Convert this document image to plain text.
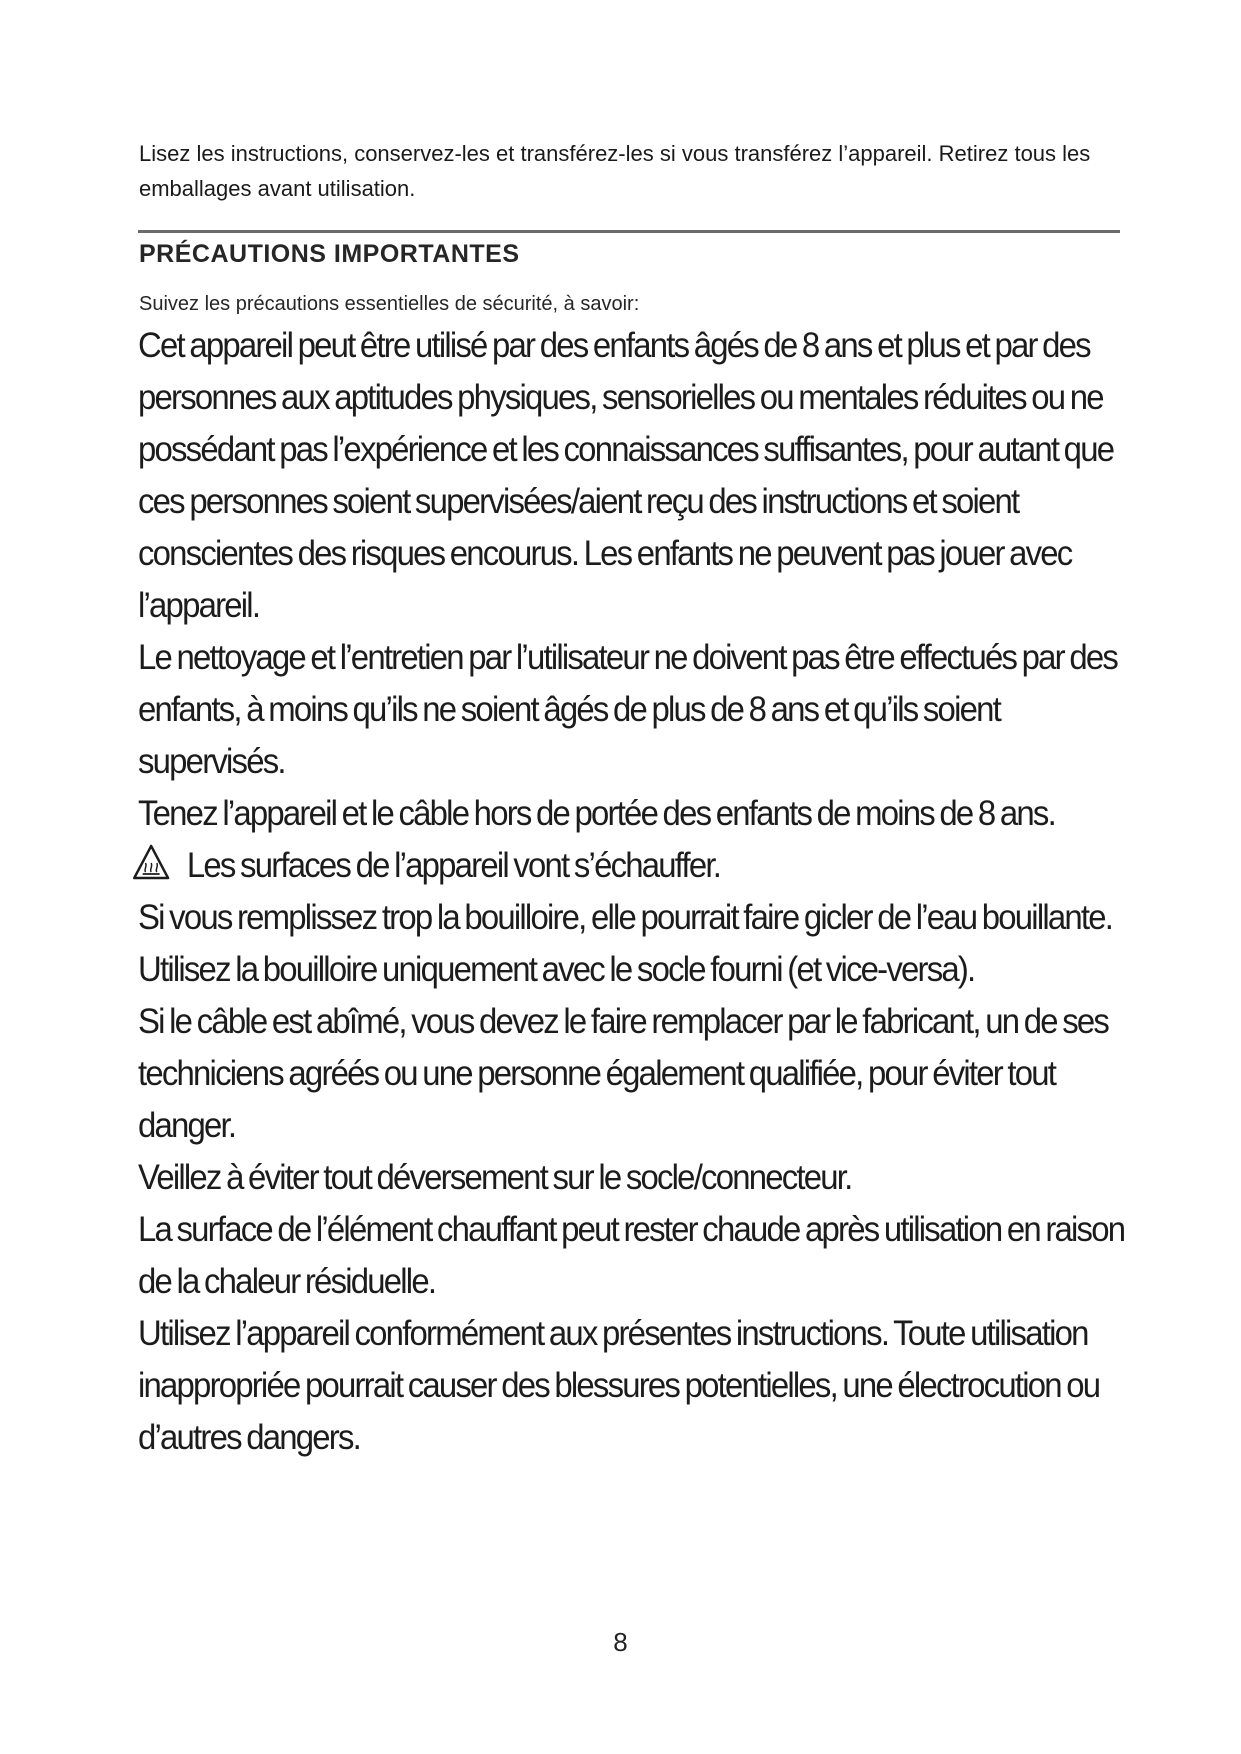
Lisez les instructions, conservez-les et transférez-les si vous transférez l’appareil. Retirez tous les emballages avant utilisation.

PRÉCAUTIONS IMPORTANTES

Suivez les précautions essentielles de sécurité, à savoir:

Cet appareil peut être utilisé par des enfants âgés de 8 ans et plus et par des personnes aux aptitudes physiques, sensorielles ou mentales réduites ou ne possédant pas l’expérience et les connaissances suffisantes, pour autant que ces personnes soient supervisées/aient reçu des instructions et soient conscientes des risques encourus. Les enfants ne peuvent pas jouer avec l’appareil.
Le nettoyage et l’entretien par l’utilisateur ne doivent pas être effectués par des enfants, à moins qu’ils ne soient âgés de plus de 8 ans et qu’ils soient supervisés.
Tenez l’appareil et le câble hors de portée des enfants de moins de 8 ans.
Les surfaces de l’appareil vont s’échauffer.
Si vous remplissez trop la bouilloire, elle pourrait faire gicler de l’eau bouillante.
Utilisez la bouilloire uniquement avec le socle fourni (et vice-versa).
Si le câble est abîmé, vous devez le faire remplacer par le fabricant, un de ses techniciens agréés ou une personne également qualifiée, pour éviter tout danger.
Veillez à éviter tout déversement sur le socle/connecteur.
La surface de l’élément chauffant peut rester chaude après utilisation en raison de la chaleur résiduelle.
Utilisez l’appareil conformément aux présentes instructions. Toute utilisation inappropriée pourrait causer des blessures potentielles, une électrocution ou d’autres dangers.

8
